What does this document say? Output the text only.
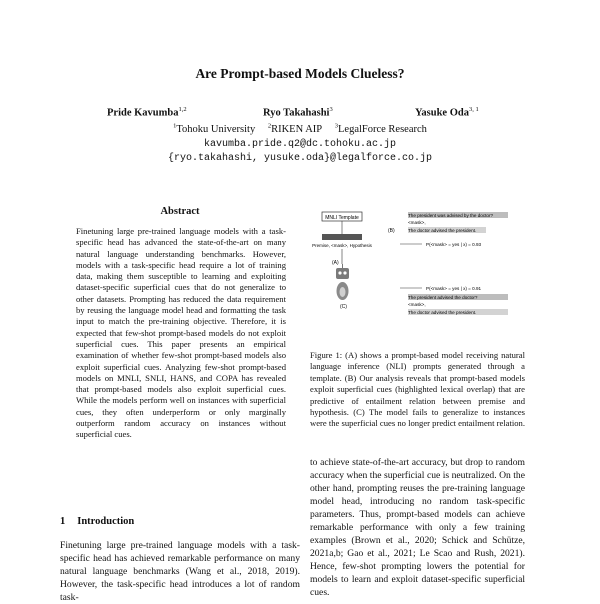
Are Prompt-based Models Clueless?
Pride Kavumba$^{1,2}$	Ryo Takahashi$^3$	Yasuke Oda$^{3, 1}$
$^1$Tohoku University $^2$RIKEN AIP $^3$LegalForce Research
kavumba.pride.q2@dc.tohoku.ac.jp
{ryo.takahashi, yusuke.oda}@legalforce.co.jp
Abstract
Finetuning large pre-trained language models with a task-specific head has advanced the state-of-the-art on many natural language understanding benchmarks. However, models with a task-specific head require a lot of training data, making them susceptible to learning and exploiting dataset-specific superficial cues that do not generalize to other datasets. Prompting has reduced the data requirement by reusing the language model head and formatting the task input to match the pre-training objective. Therefore, it is expected that few-shot prompt-based models do not exploit superficial cues. This paper presents an empirical examination of whether few-shot prompt-based models also exploit superficial cues. Analyzing few-shot prompt-based models on MNLI, SNLI, HANS, and COPA has revealed that prompt-based models also exploit superficial cues. While the models perform well on instances with superficial cues, they often underperform or only marginally outperform random accuracy on instances without superficial cues.
1 Introduction
Finetuning large pre-trained language models with a task-specific head has achieved remarkable performance on many natural language benchmarks (Wang et al., 2018, 2019). However, the task-specific head introduces a lot of random task-
MNLI Template
Premise, <mask>, Hypothesis
(A)
(C)
The president was advised by the doctor?
<mask>,
The doctor advised the president.
(B)
P(<mask> = yes | x) = 0.93
P(<mask> = yes | x) = 0.91
The president advised the doctor?
<mask>,
The doctor advised the president.
Figure 1: (A) shows a prompt-based model receiving natural language inference (NLI) prompts generated through a template. (B) Our analysis reveals that prompt-based models exploit superficial cues (highlighted lexical overlap) that are predictive of entailment relation between premise and hypothesis. (C) The model fails to generalize to instances were the superficial cues no longer predict entailment relation.
to achieve state-of-the-art accuracy, but drop to random accuracy when the superficial cue is neutralized. On the other hand, prompting reuses the pre-training language model head, introducing no random task-specific parameters. Thus, prompt-based models can achieve remarkable performance with only a few training examples (Brown et al., 2020; Schick and Schütze, 2021a,b; Gao et al., 2021; Le Scao and Rush, 2021). Hence, few-shot prompting lowers the potential for models to learn and exploit dataset-specific superficial cues.
